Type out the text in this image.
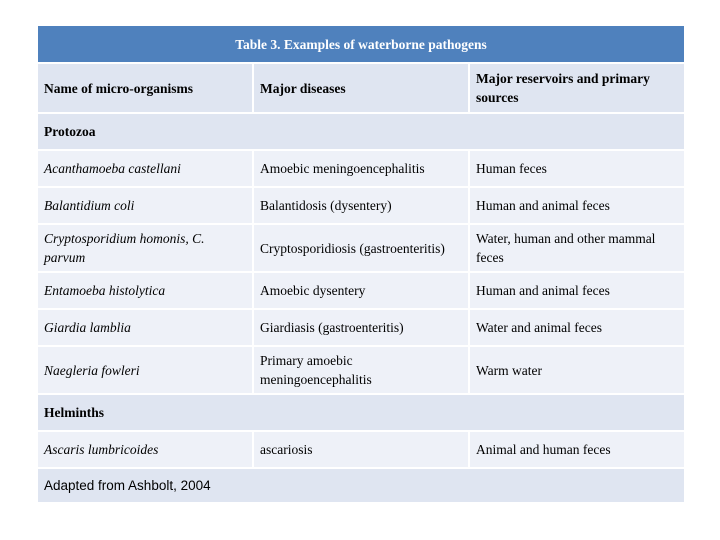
Table 3. Examples of waterborne pathogens		
Name of micro-organisms	Major diseases	Major reservoirs and primary sources
Protozoa		
Acanthamoeba castellani	Amoebic meningoencephalitis	Human feces
Balantidium coli	Balantidosis (dysentery)	Human and animal feces
Cryptosporidium homonis, C. parvum	Cryptosporidiosis (gastroenteritis)	Water, human and other mammal feces
Entamoeba histolytica	Amoebic dysentery	Human and animal feces
Giardia lamblia	Giardiasis (gastroenteritis)	Water and animal feces
Naegleria fowleri	Primary amoebic meningoencephalitis	Warm water
Helminths		
Ascaris lumbricoides	ascariosis	Animal and human feces
Adapted from Ashbolt, 2004		
